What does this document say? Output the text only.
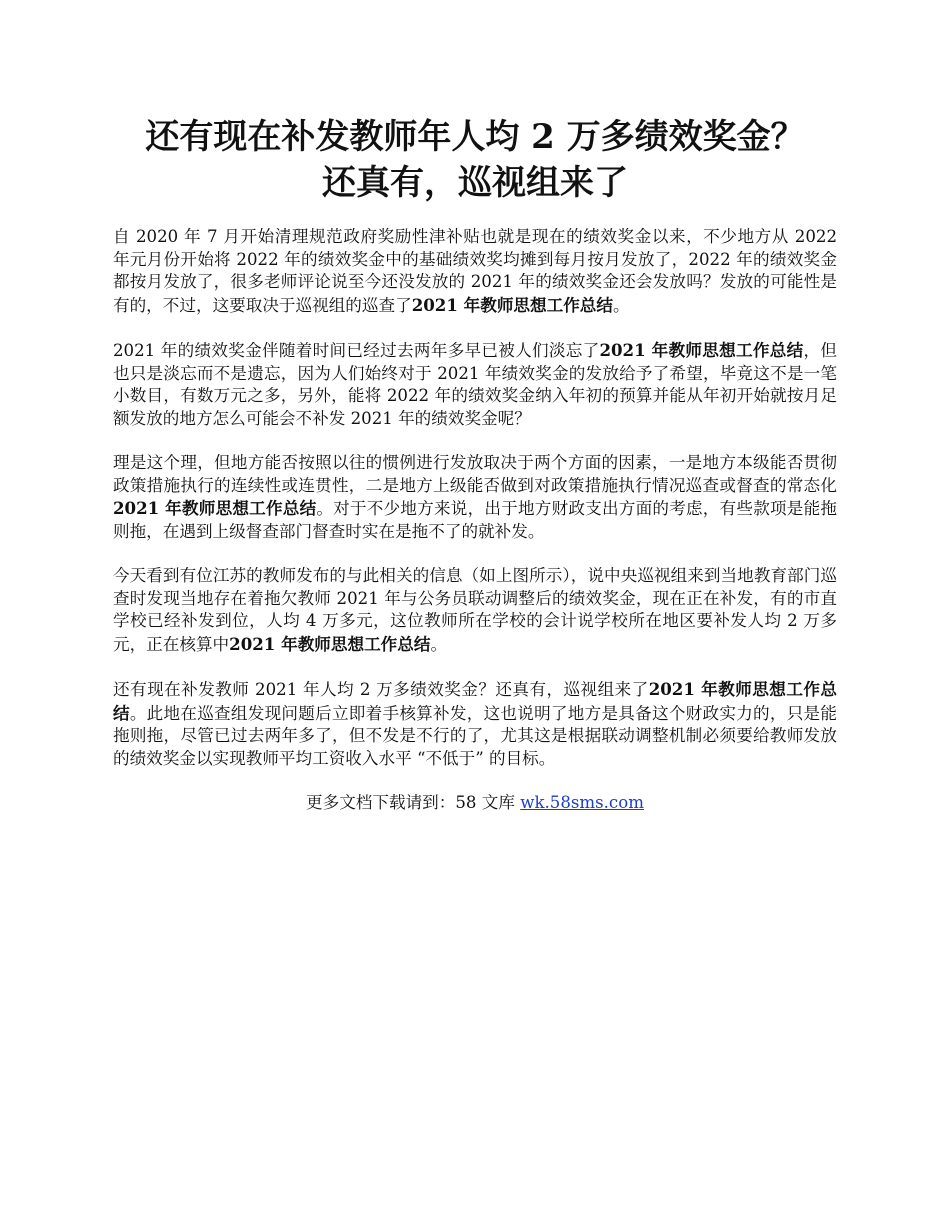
还有现在补发教师年人均 2 万多绩效奖金？
还真有，巡视组来了

自 2020 年 7 月开始清理规范政府奖励性津补贴也就是现在的绩效奖金以来，不少地方从 2022 年元月份开始将 2022 年的绩效奖金中的基础绩效奖均摊到每月按月发放了，2022 年的绩效奖金都按月发放了，很多老师评论说至今还没发放的 2021 年的绩效奖金还会发放吗？发放的可能性是有的，不过，这要取决于巡视组的巡查了2021 年教师思想工作总结。

2021 年的绩效奖金伴随着时间已经过去两年多早已被人们淡忘了2021 年教师思想工作总结，但也只是淡忘而不是遗忘，因为人们始终对于 2021 年绩效奖金的发放给予了希望，毕竟这不是一笔小数目，有数万元之多，另外，能将 2022 年的绩效奖金纳入年初的预算并能从年初开始就按月足额发放的地方怎么可能会不补发 2021 年的绩效奖金呢？

理是这个理，但地方能否按照以往的惯例进行发放取决于两个方面的因素，一是地方本级能否贯彻政策措施执行的连续性或连贯性，二是地方上级能否做到对政策措施执行情况巡查或督查的常态化2021 年教师思想工作总结。对于不少地方来说，出于地方财政支出方面的考虑，有些款项是能拖则拖，在遇到上级督查部门督查时实在是拖不了的就补发。

今天看到有位江苏的教师发布的与此相关的信息（如上图所示），说中央巡视组来到当地教育部门巡查时发现当地存在着拖欠教师 2021 年与公务员联动调整后的绩效奖金，现在正在补发，有的市直学校已经补发到位，人均 4 万多元，这位教师所在学校的会计说学校所在地区要补发人均 2 万多元，正在核算中2021 年教师思想工作总结。

还有现在补发教师 2021 年人均 2 万多绩效奖金？还真有，巡视组来了2021 年教师思想工作总结。此地在巡查组发现问题后立即着手核算补发，这也说明了地方是具备这个财政实力的，只是能拖则拖，尽管已过去两年多了，但不发是不行的了，尤其这是根据联动调整机制必须要给教师发放的绩效奖金以实现教师平均工资收入水平 “不低于” 的目标。

更多文档下载请到：58 文库 wk.58sms.com
